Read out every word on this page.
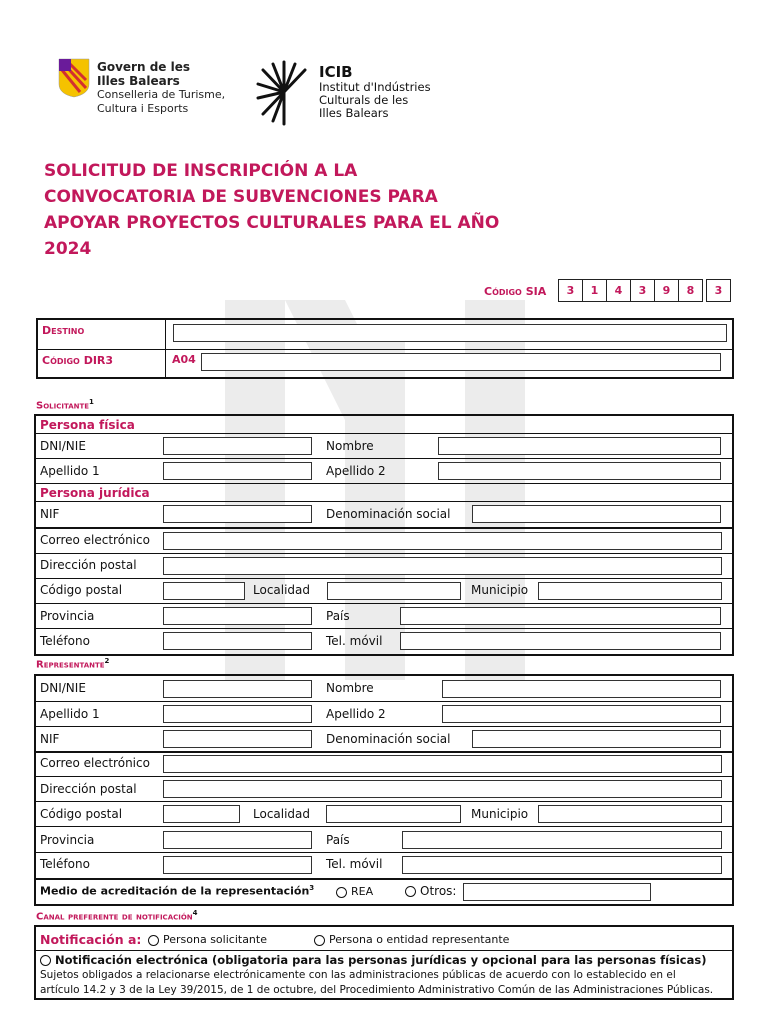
Govern de les
Illes Balears
Conselleria de Turisme,
Cultura i Esports
ICIB
Institut d'Indústries
Culturals de les
Illes Balears
SOLICITUD DE INSCRIPCIÓN A LA
CONVOCATORIA DE SUBVENCIONES PARA
APOYAR PROYECTOS CULTURALES PARA EL AÑO
2024
Código SIA	3	1	4	3	9	8	3
Destino
Código DIR3	A04
Solicitante$^1$
Persona física
DNI/NIE	Nombre
Apellido 1	Apellido 2
Persona jurídica
NIF	Denominación social
Correo electrónico
Dirección postal
Código postal	Localidad	Municipio
Provincia	País
Teléfono	Tel. móvil
Representante$^2$
DNI/NIE	Nombre
Apellido 1	Apellido 2
NIF	Denominación social
Correo electrónico
Dirección postal
Código postal	Localidad	Municipio
Provincia	País
Teléfono	Tel. móvil
Medio de acreditación de la representación$^3$	REA	Otros:
Canal preferente de notificación$^4$
Notificación a:	Persona solicitante	Persona o entidad representante
Notificación electrónica (obligatoria para las personas jurídicas y opcional para las personas físicas)
Sujetos obligados a relacionarse electrónicamente con las administraciones públicas de acuerdo con lo establecido en el
artículo 14.2 y 3 de la Ley 39/2015, de 1 de octubre, del Procedimiento Administrativo Común de las Administraciones Públicas.
